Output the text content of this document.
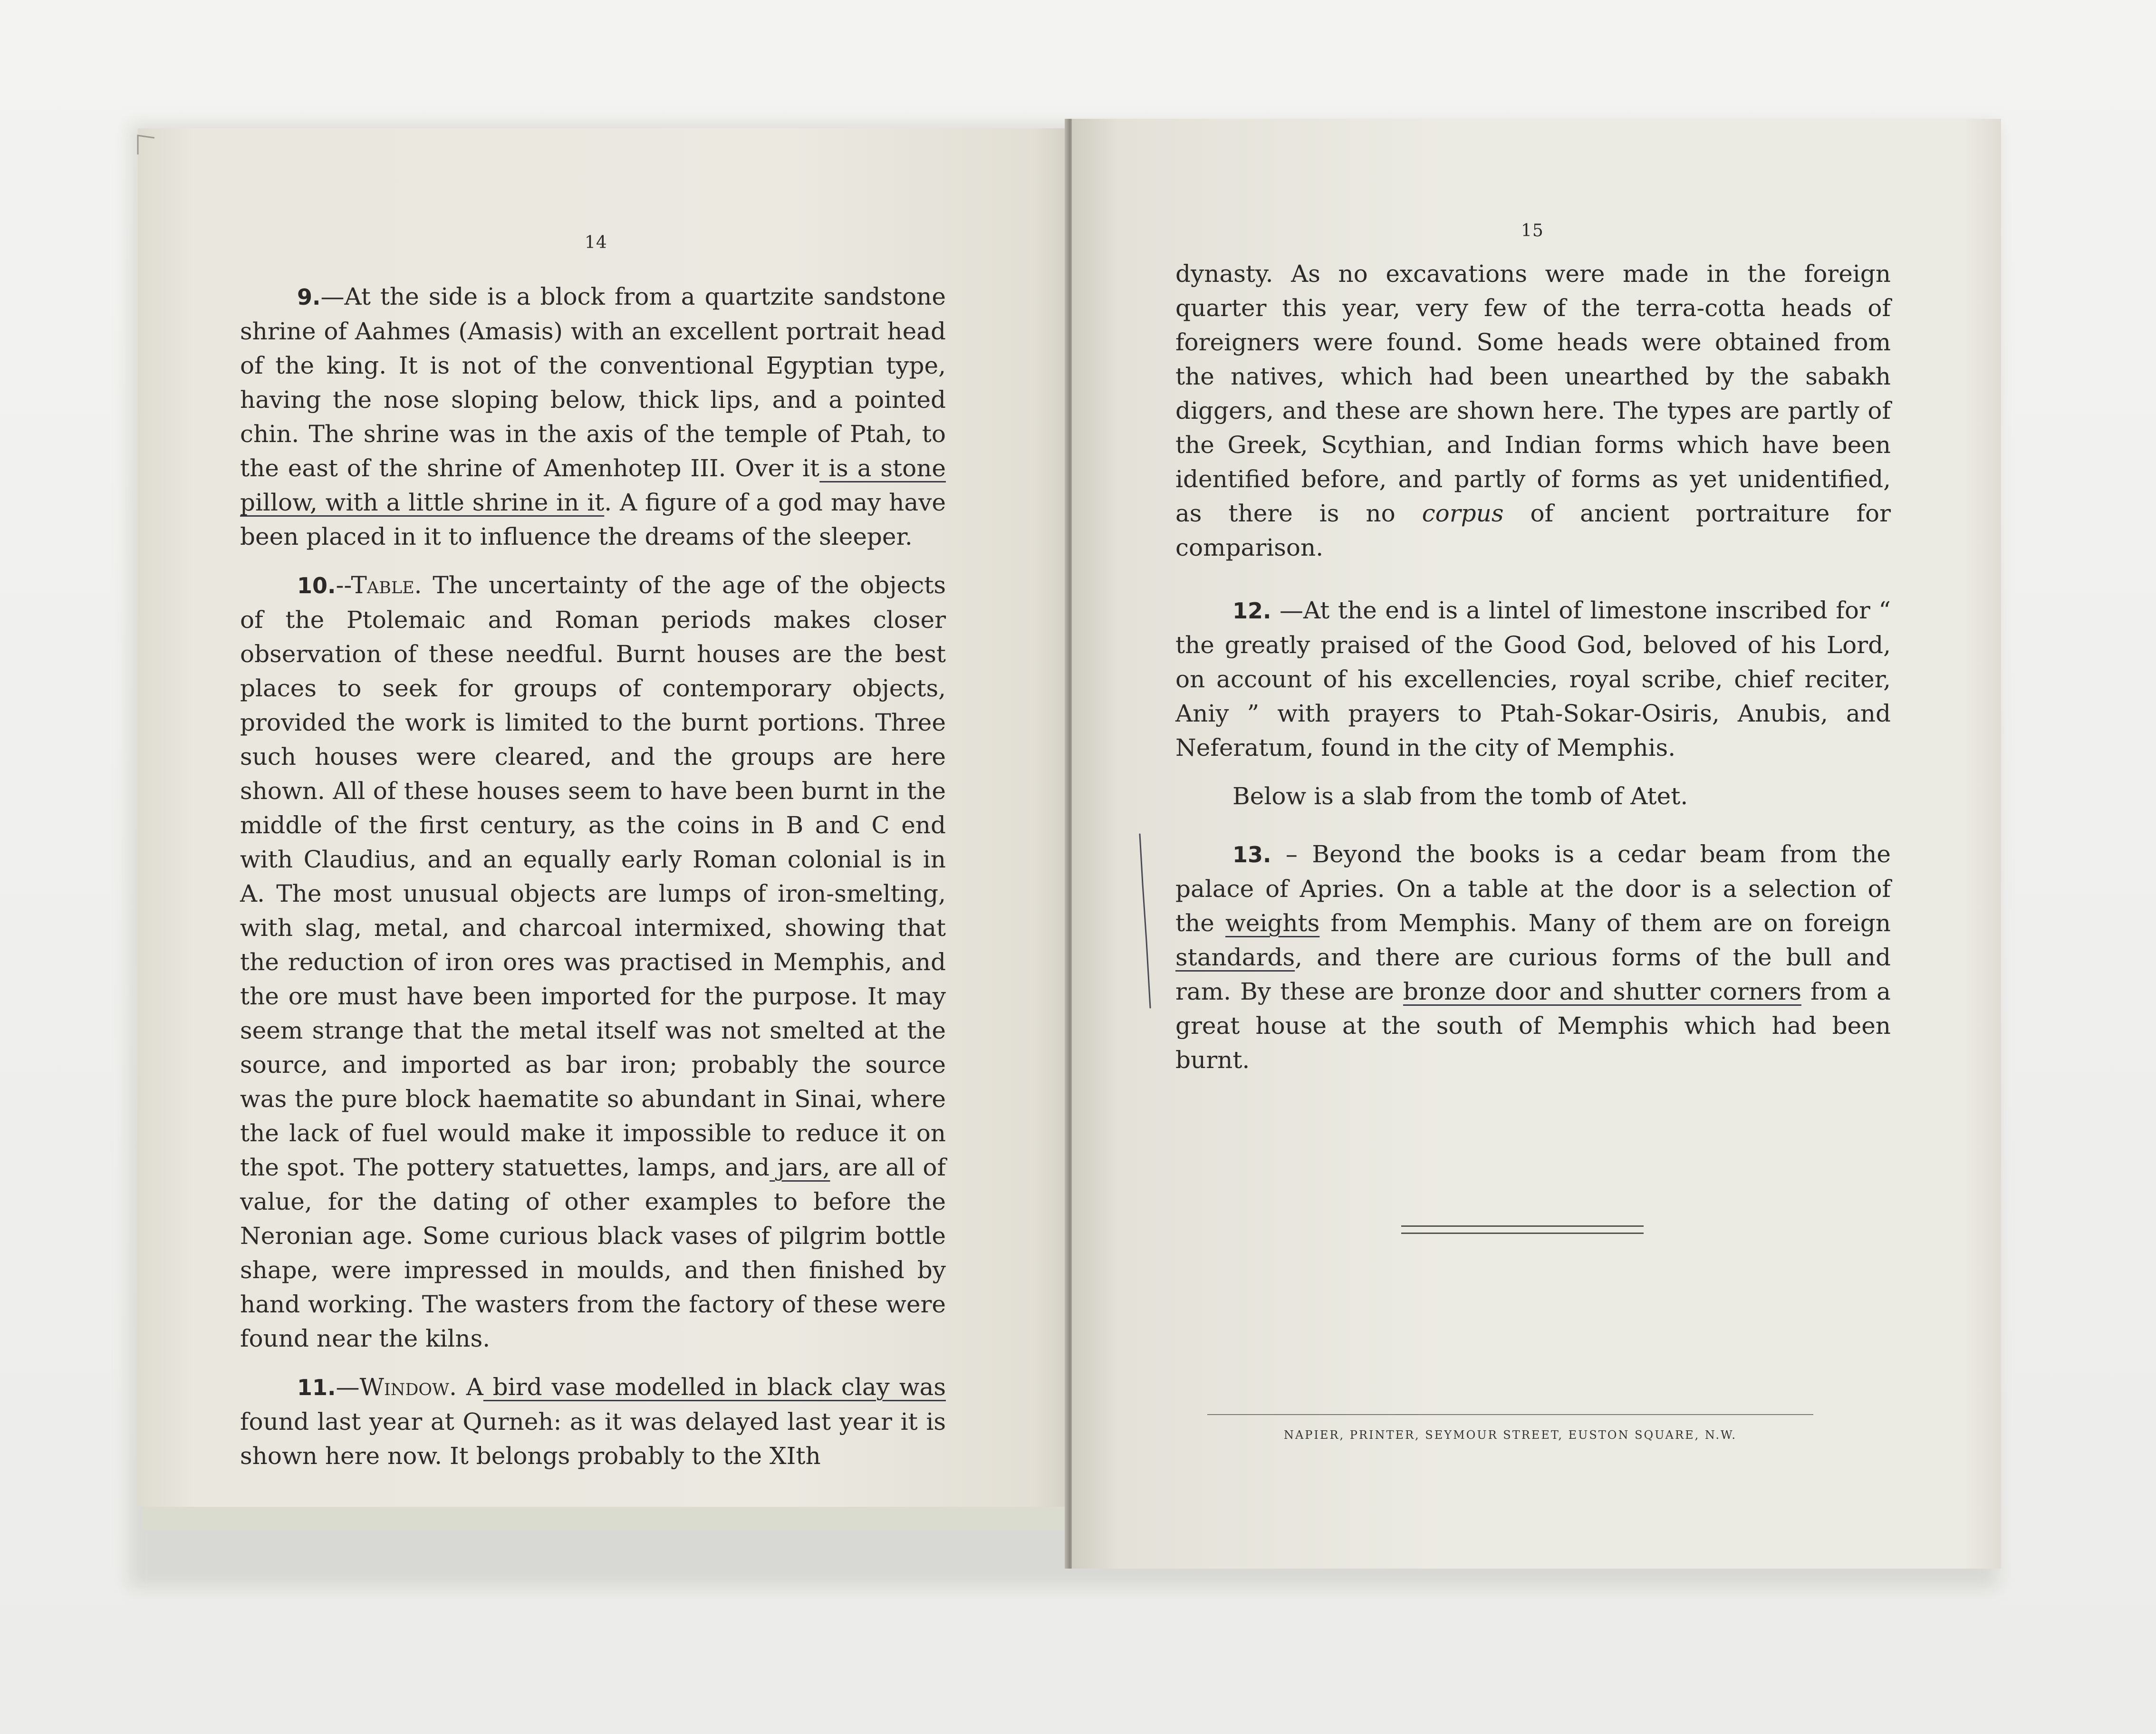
14

9.—At the side is a block from a quartzite sandstone shrine of Aahmes (Amasis) with an excellent portrait head of the king. It is not of the conventional Egyptian type, having the nose sloping below, thick lips, and a pointed chin. The shrine was in the axis of the temple of Ptah, to the east of the shrine of Amenhotep III. Over it is a stone pillow, with a little shrine in it. A figure of a god may have been placed in it to influence the dreams of the sleeper.

10.--Table. The uncertainty of the age of the objects of the Ptolemaic and Roman periods makes closer observation of these needful. Burnt houses are the best places to seek for groups of contemporary objects, provided the work is limited to the burnt portions. Three such houses were cleared, and the groups are here shown. All of these houses seem to have been burnt in the middle of the first century, as the coins in B and C end with Claudius, and an equally early Roman colonial is in A. The most unusual objects are lumps of iron-smelting, with slag, metal, and charcoal intermixed, showing that the reduction of iron ores was practised in Memphis, and the ore must have been imported for the purpose. It may seem strange that the metal itself was not smelted at the source, and imported as bar iron; probably the source was the pure block haematite so abundant in Sinai, where the lack of fuel would make it impossible to reduce it on the spot. The pottery statuettes, lamps, and jars, are all of value, for the dating of other examples to before the Neronian age. Some curious black vases of pilgrim bottle shape, were impressed in moulds, and then finished by hand working. The wasters from the factory of these were found near the kilns.

11.—Window. A bird vase modelled in black clay was found last year at Qurneh: as it was delayed last year it is shown here now. It belongs probably to the XIth

15

dynasty. As no excavations were made in the foreign quarter this year, very few of the terra-cotta heads of foreigners were found. Some heads were obtained from the natives, which had been unearthed by the sabakh diggers, and these are shown here. The types are partly of the Greek, Scythian, and Indian forms which have been identified before, and partly of forms as yet unidentified, as there is no corpus of ancient portraiture for comparison.

12. —At the end is a lintel of limestone inscribed for “ the greatly praised of the Good God, beloved of his Lord, on account of his excellencies, royal scribe, chief reciter, Aniy ” with prayers to Ptah-Sokar-Osiris, Anubis, and Neferatum, found in the city of Memphis.

Below is a slab from the tomb of Atet.

13. – Beyond the books is a cedar beam from the palace of Apries. On a table at the door is a selection of the weights from Memphis. Many of them are on foreign standards, and there are curious forms of the bull and ram. By these are bronze door and shutter corners from a great house at the south of Memphis which had been burnt.

NAPIER, PRINTER, SEYMOUR STREET, EUSTON SQUARE, N.W.
